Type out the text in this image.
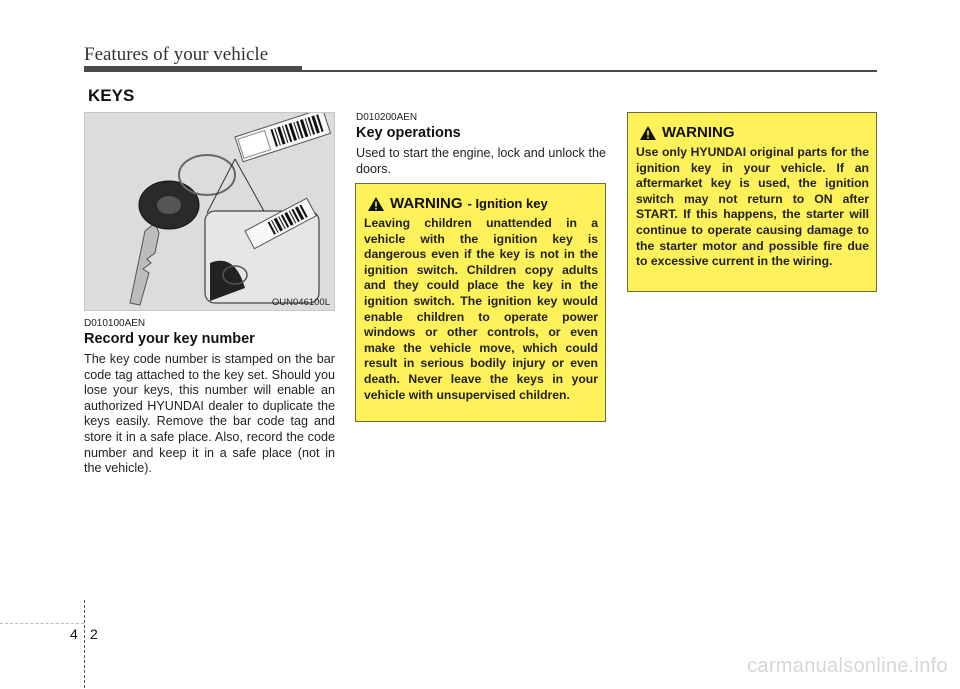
Features of your vehicle
KEYS
OUN046100L
D010100AEN
Record your key number
The key code number is stamped on the bar code tag attached to the key set. Should you lose your keys, this number will enable an authorized HYUNDAI dealer to duplicate the keys easily. Remove the bar code tag and store it in a safe place. Also, record the code number and keep it in a safe place (not in the vehicle).
D010200AEN
Key operations
Used to start the engine, lock and unlock the doors.
WARNING - Ignition key
Leaving children unattended in a vehicle with the ignition key is dangerous even if the key is not in the ignition switch. Children copy adults and they could place the key in the ignition switch. The ignition key would enable children to operate power windows or other controls, or even make the vehicle move, which could result in serious bodily injury or even death. Never leave the keys in your vehicle with unsupervised children.
WARNING
Use only HYUNDAI original parts for the ignition key in your vehicle. If an aftermarket key is used, the ignition switch may not return to ON after START. If this happens, the starter will continue to operate causing damage to the starter motor and possible fire due to excessive current in the wiring.
4 2
carmanualsonline.info
